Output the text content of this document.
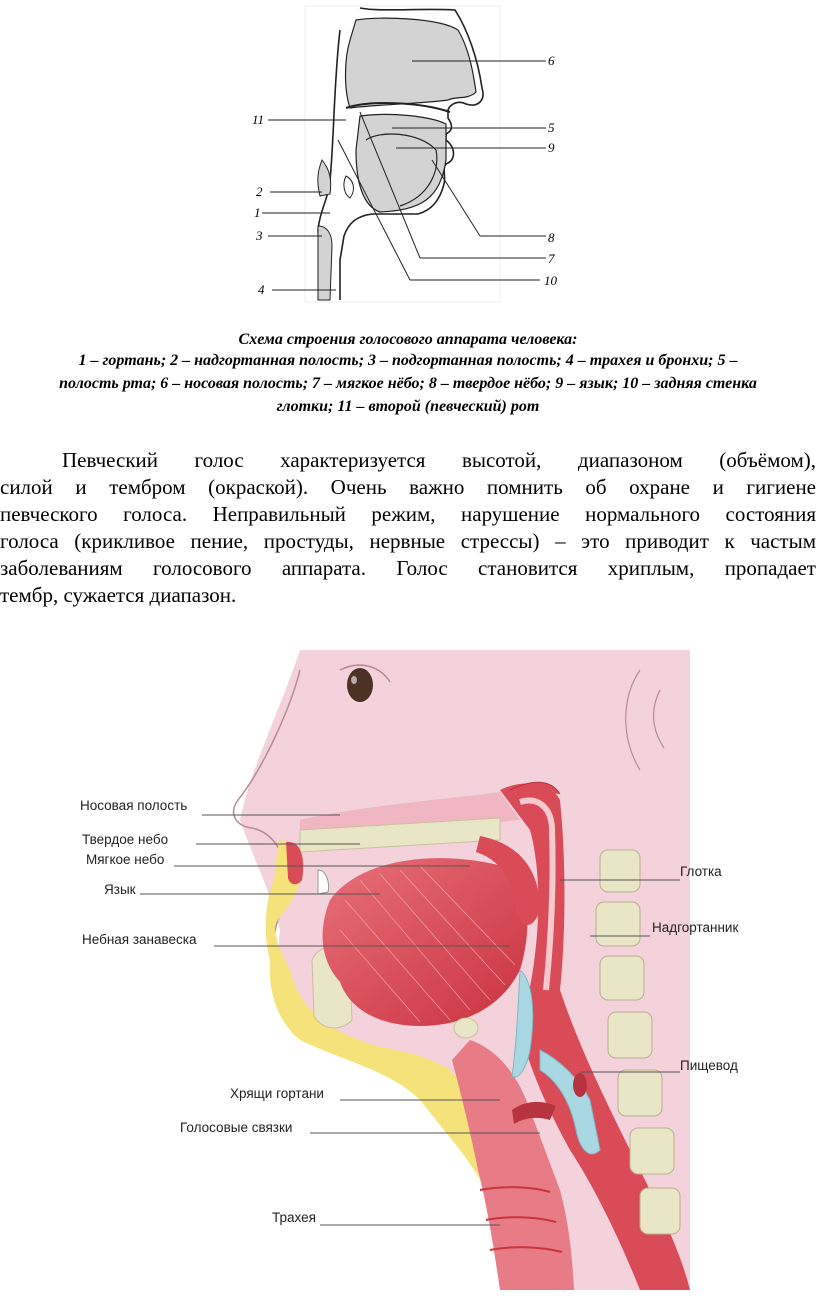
6
11
5
9
2
1
3	8
7
10
4
Схема строения голосового аппарата человека:
1 – гортань; 2 – надгортанная полость; 3 – подгортанная полость; 4 – трахея и бронхи; 5 –
полость рта; 6 – носовая полость; 7 – мягкое нёбо; 8 – твердое нёбо; 9 – язык; 10 – задняя стенка
глотки; 11 – второй (певческий) рот
Певческий голос характеризуется высотой, диапазоном (объёмом),
силой и тембром (окраской). Очень важно помнить об охране и гигиене
певческого голоса. Неправильный режим, нарушение нормального состояния
голоса (крикливое пение, простуды, нервные стрессы) – это приводит к частым
заболеваниям голосового аппарата. Голос становится хриплым, пропадает
тембр, сужается диапазон.
Носовая полость
Твердое небо
Мягкое небо
Язык
Небная занавеска
Глотка
Надгортанник
Пищевод
Хрящи гортани
Голосовые связки
Трахея
